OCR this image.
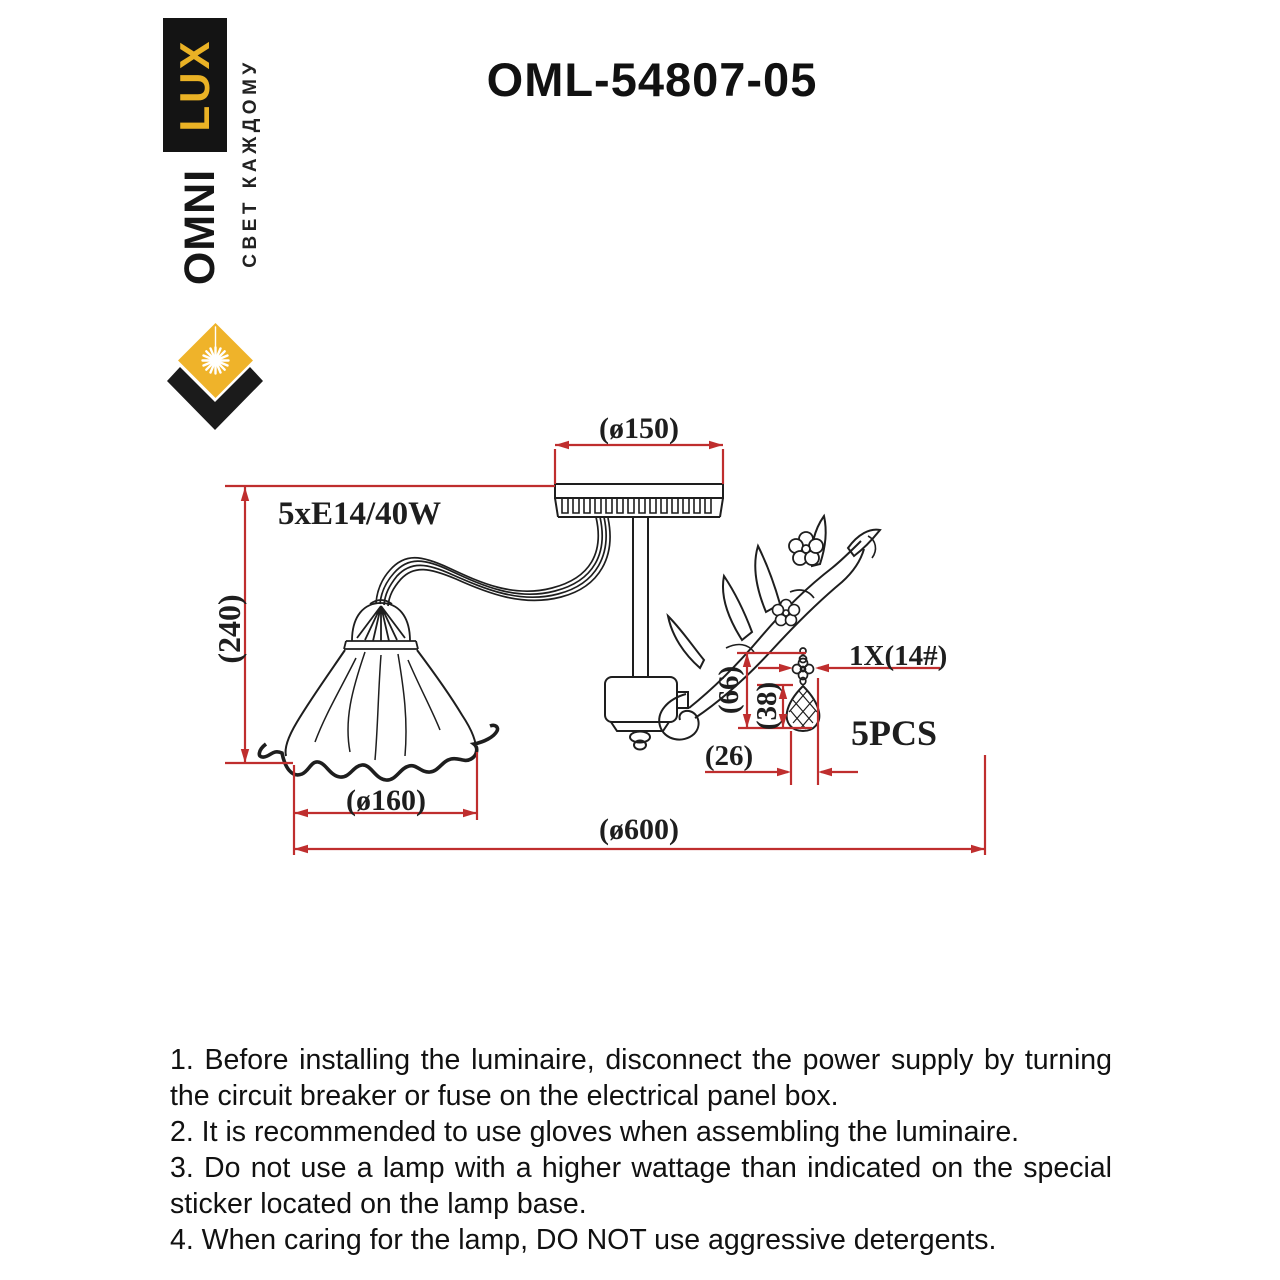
LUX
OMNI СВЕТ КАЖДОМУ	OML-54807-05
(ø150)
5xE14/40W
(240)
(ø160)
(ø600)
(66) (38)
1X(14#)
(26)
5PCS

1. Before installing the luminaire, disconnect the power supply by turning the circuit breaker or fuse on the electrical panel box.

2. It is recommended to use gloves when assembling the luminaire.

3. Do not use a lamp with a higher wattage than indicated on the special sticker located on the lamp base.

4. When caring for the lamp, DO NOT use aggressive detergents.
